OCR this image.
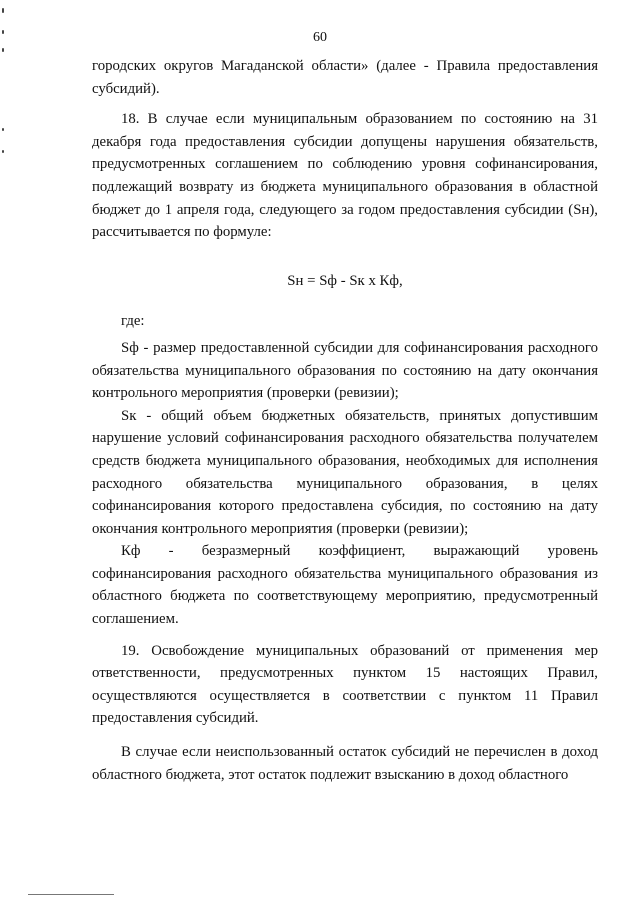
60

городских округов Магаданской области» (далее - Правила предоставления субсидий).

18. В случае если муниципальным образованием по состоянию на 31 декабря года предоставления субсидии допущены нарушения обязательств, предусмотренных соглашением по соблюдению уровня софинансирования, подлежащий возврату из бюджета муниципального образования в областной бюджет до 1 апреля года, следующего за годом предоставления субсидии (Sн), рассчитывается по формуле:

Sн = Sф - Sк x Кф,

где:

Sф - размер предоставленной субсидии для софинансирования расходного обязательства муниципального образования по состоянию на дату окончания контрольного мероприятия (проверки (ревизии);

Sк - общий объем бюджетных обязательств, принятых допустившим нарушение условий софинансирования расходного обязательства получателем средств бюджета муниципального образования, необходимых для исполнения расходного обязательства муниципального образования, в целях софинансирования которого предоставлена субсидия, по состоянию на дату окончания контрольного мероприятия (проверки (ревизии);

Кф - безразмерный коэффициент, выражающий уровень софинансирования расходного обязательства муниципального образования из областного бюджета по соответствующему мероприятию, предусмотренный соглашением.

19. Освобождение муниципальных образований от применения мер ответственности, предусмотренных пунктом 15 настоящих Правил, осуществляются осуществляется в соответствии с пунктом 11 Правил предоставления субсидий.

В случае если неиспользованный остаток субсидий не перечислен в доход областного бюджета, этот остаток подлежит взысканию в доход областного
